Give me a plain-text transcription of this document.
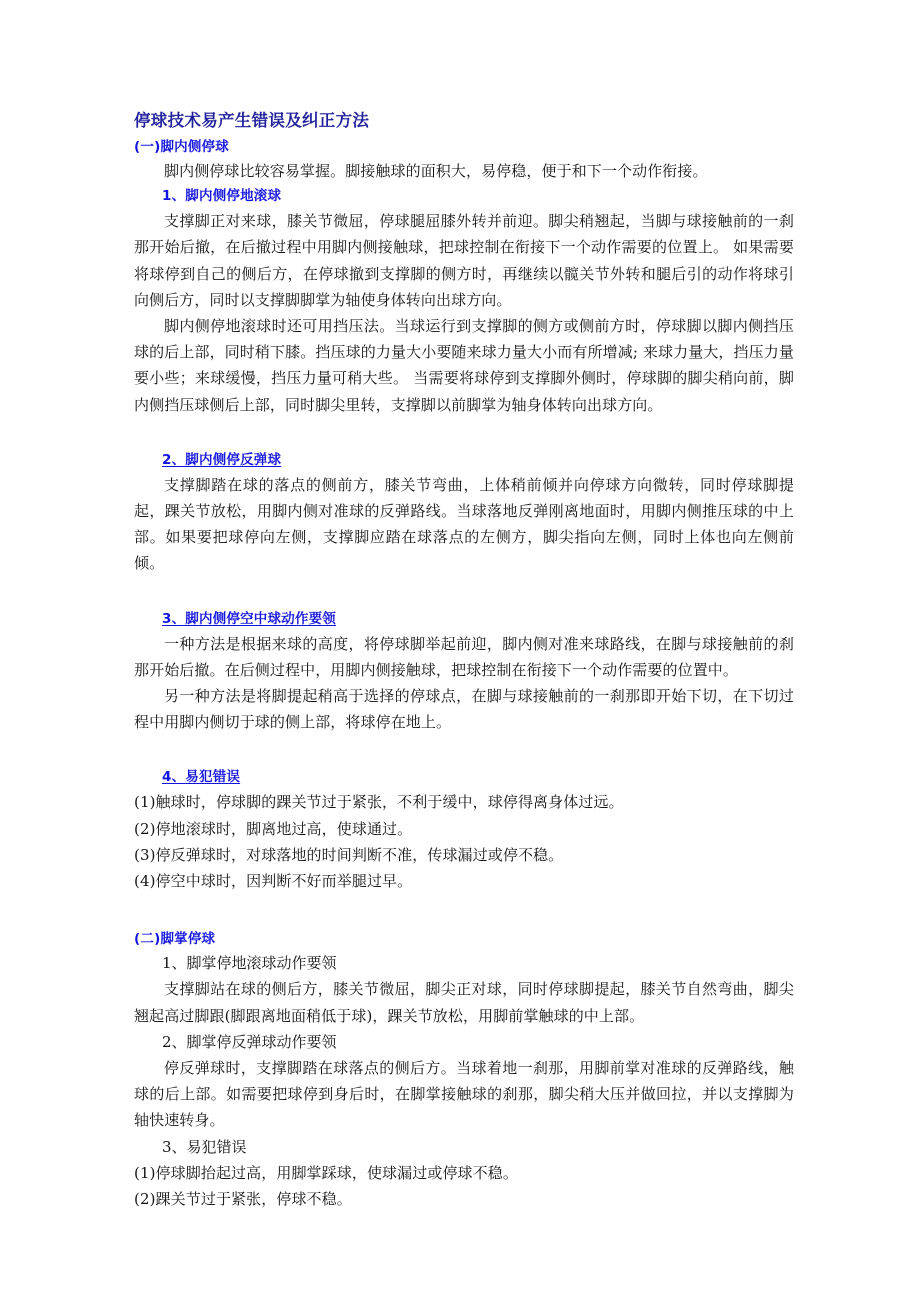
停球技术易产生错误及纠正方法
(一)脚内侧停球

脚内侧停球比较容易掌握。脚接触球的面积大，易停稳，便于和下一个动作衔接。

1、脚内侧停地滚球

支撑脚正对来球，膝关节微屈，停球腿屈膝外转并前迎。脚尖稍翘起，当脚与球接触前的一刹那开始后撤，在后撤过程中用脚内侧接触球，把球控制在衔接下一个动作需要的位置上。 如果需要将球停到自己的侧后方，在停球撤到支撑脚的侧方时，再继续以髋关节外转和腿后引的动作将球引向侧后方，同时以支撑脚脚掌为轴使身体转向出球方向。

脚内侧停地滚球时还可用挡压法。当球运行到支撑脚的侧方或侧前方时，停球脚以脚内侧挡压球的后上部，同时稍下膝。挡压球的力量大小要随来球力量大小而有所增减; 来球力量大，挡压力量要小些；来球缓慢，挡压力量可稍大些。 当需要将球停到支撑脚外侧时，停球脚的脚尖稍向前，脚内侧挡压球侧后上部，同时脚尖里转，支撑脚以前脚掌为轴身体转向出球方向。

2、脚内侧停反弹球

支撑脚踏在球的落点的侧前方，膝关节弯曲，上体稍前倾并向停球方向微转，同时停球脚提起，踝关节放松，用脚内侧对准球的反弹路线。当球落地反弹刚离地面时，用脚内侧推压球的中上部。如果要把球停向左侧，支撑脚应踏在球落点的左侧方，脚尖指向左侧，同时上体也向左侧前倾。

3、脚内侧停空中球动作要领

一种方法是根据来球的高度，将停球脚举起前迎，脚内侧对准来球路线，在脚与球接触前的刹那开始后撤。在后侧过程中，用脚内侧接触球，把球控制在衔接下一个动作需要的位置中。

另一种方法是将脚提起稍高于选择的停球点，在脚与球接触前的一刹那即开始下切，在下切过程中用脚内侧切于球的侧上部，将球停在地上。

4、易犯错误

(1)触球时，停球脚的踝关节过于紧张，不利于缓中，球停得离身体过远。

(2)停地滚球时，脚离地过高，使球通过。

(3)停反弹球时，对球落地的时间判断不准，传球漏过或停不稳。

(4)停空中球时，因判断不好而举腿过早。

(二)脚掌停球

1、脚掌停地滚球动作要领

支撑脚站在球的侧后方，膝关节微屈，脚尖正对球，同时停球脚提起，膝关节自然弯曲，脚尖翘起高过脚跟(脚跟离地面稍低于球)，踝关节放松，用脚前掌触球的中上部。

2、脚掌停反弹球动作要领

停反弹球时，支撑脚踏在球落点的侧后方。当球着地一刹那，用脚前掌对准球的反弹路线，触球的后上部。如需要把球停到身后时，在脚掌接触球的刹那，脚尖稍大压并做回拉，并以支撑脚为轴快速转身。

3、易犯错误

(1)停球脚抬起过高，用脚掌踩球，使球漏过或停球不稳。

(2)踝关节过于紧张，停球不稳。
